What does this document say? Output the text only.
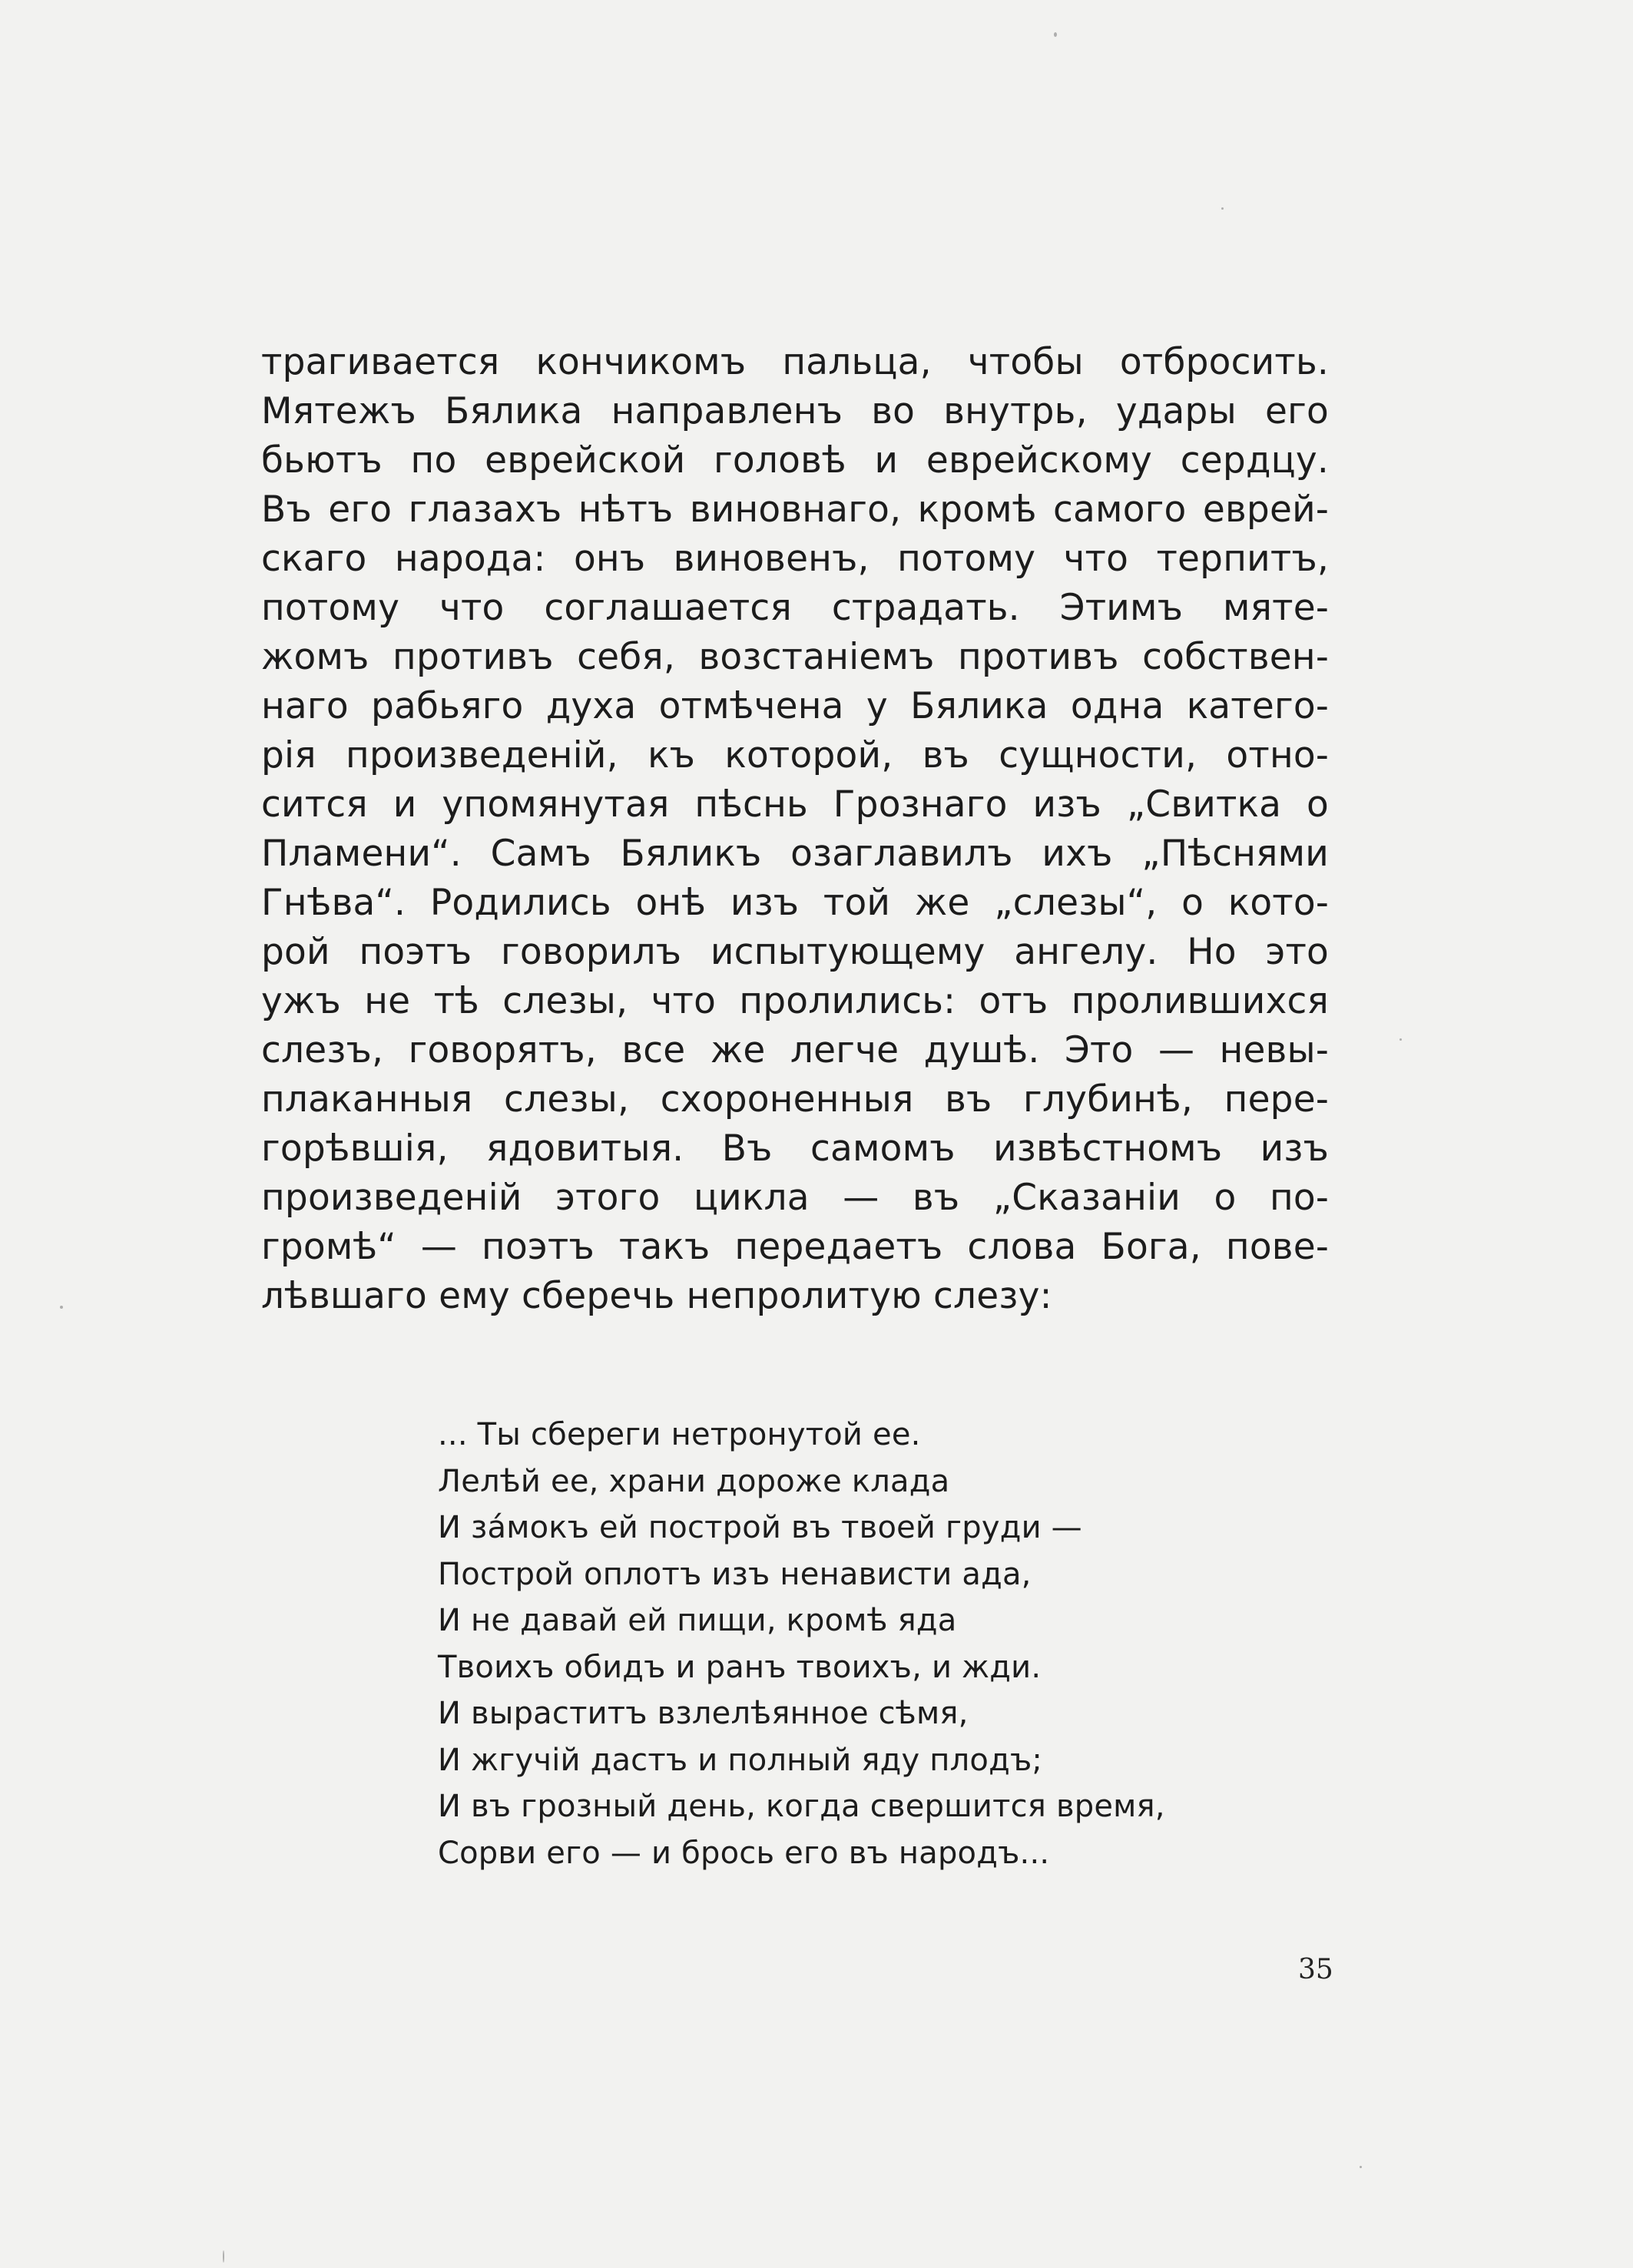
трагивается кончикомъ пальца, чтобы отбросить.
Мятежъ Бялика направленъ во внутрь, удары его
бьютъ по еврейской головѣ и еврейскому сердцу.
Въ его глазахъ нѣтъ виновнаго, кромѣ самого еврей-
скаго народа: онъ виновенъ, потому что терпитъ,
потому что соглашается страдать. Этимъ мяте-
жомъ противъ себя, возстаніемъ противъ собствен-
наго рабьяго духа отмѣчена у Бялика одна катего-
рія произведеній, къ которой, въ сущности, отно-
сится и упомянутая пѣснь Грознаго изъ „Свитка о
Пламени“. Самъ Бяликъ озаглавилъ ихъ „Пѣснями
Гнѣва“. Родились онѣ изъ той же „слезы“, о кото-
рой поэтъ говорилъ испытующему ангелу. Но это
ужъ не тѣ слезы, что пролились: отъ пролившихся
слезъ, говорятъ, все же легче душѣ. Это — невы-
плаканныя слезы, схороненныя въ глубинѣ, пере-
горѣвшія, ядовитыя. Въ самомъ извѣстномъ изъ
произведеній этого цикла — въ „Сказаніи о по-
громѣ“ — поэтъ такъ передаетъ слова Бога, пове-
лѣвшаго ему сберечь непролитую слезу:
... Ты сбереги нетронутой ее.
Лелѣй ее, храни дороже клада
И зáмокъ ей построй въ твоей груди —
Построй оплотъ изъ ненависти ада,
И не давай ей пищи, кромѣ яда
Твоихъ обидъ и ранъ твоихъ, и жди.
И выраститъ взлелѣянное сѣмя,
И жгучій дастъ и полный яду плодъ;
И въ грозный день, когда свершится время,
Сорви его — и брось его въ народъ...
35
